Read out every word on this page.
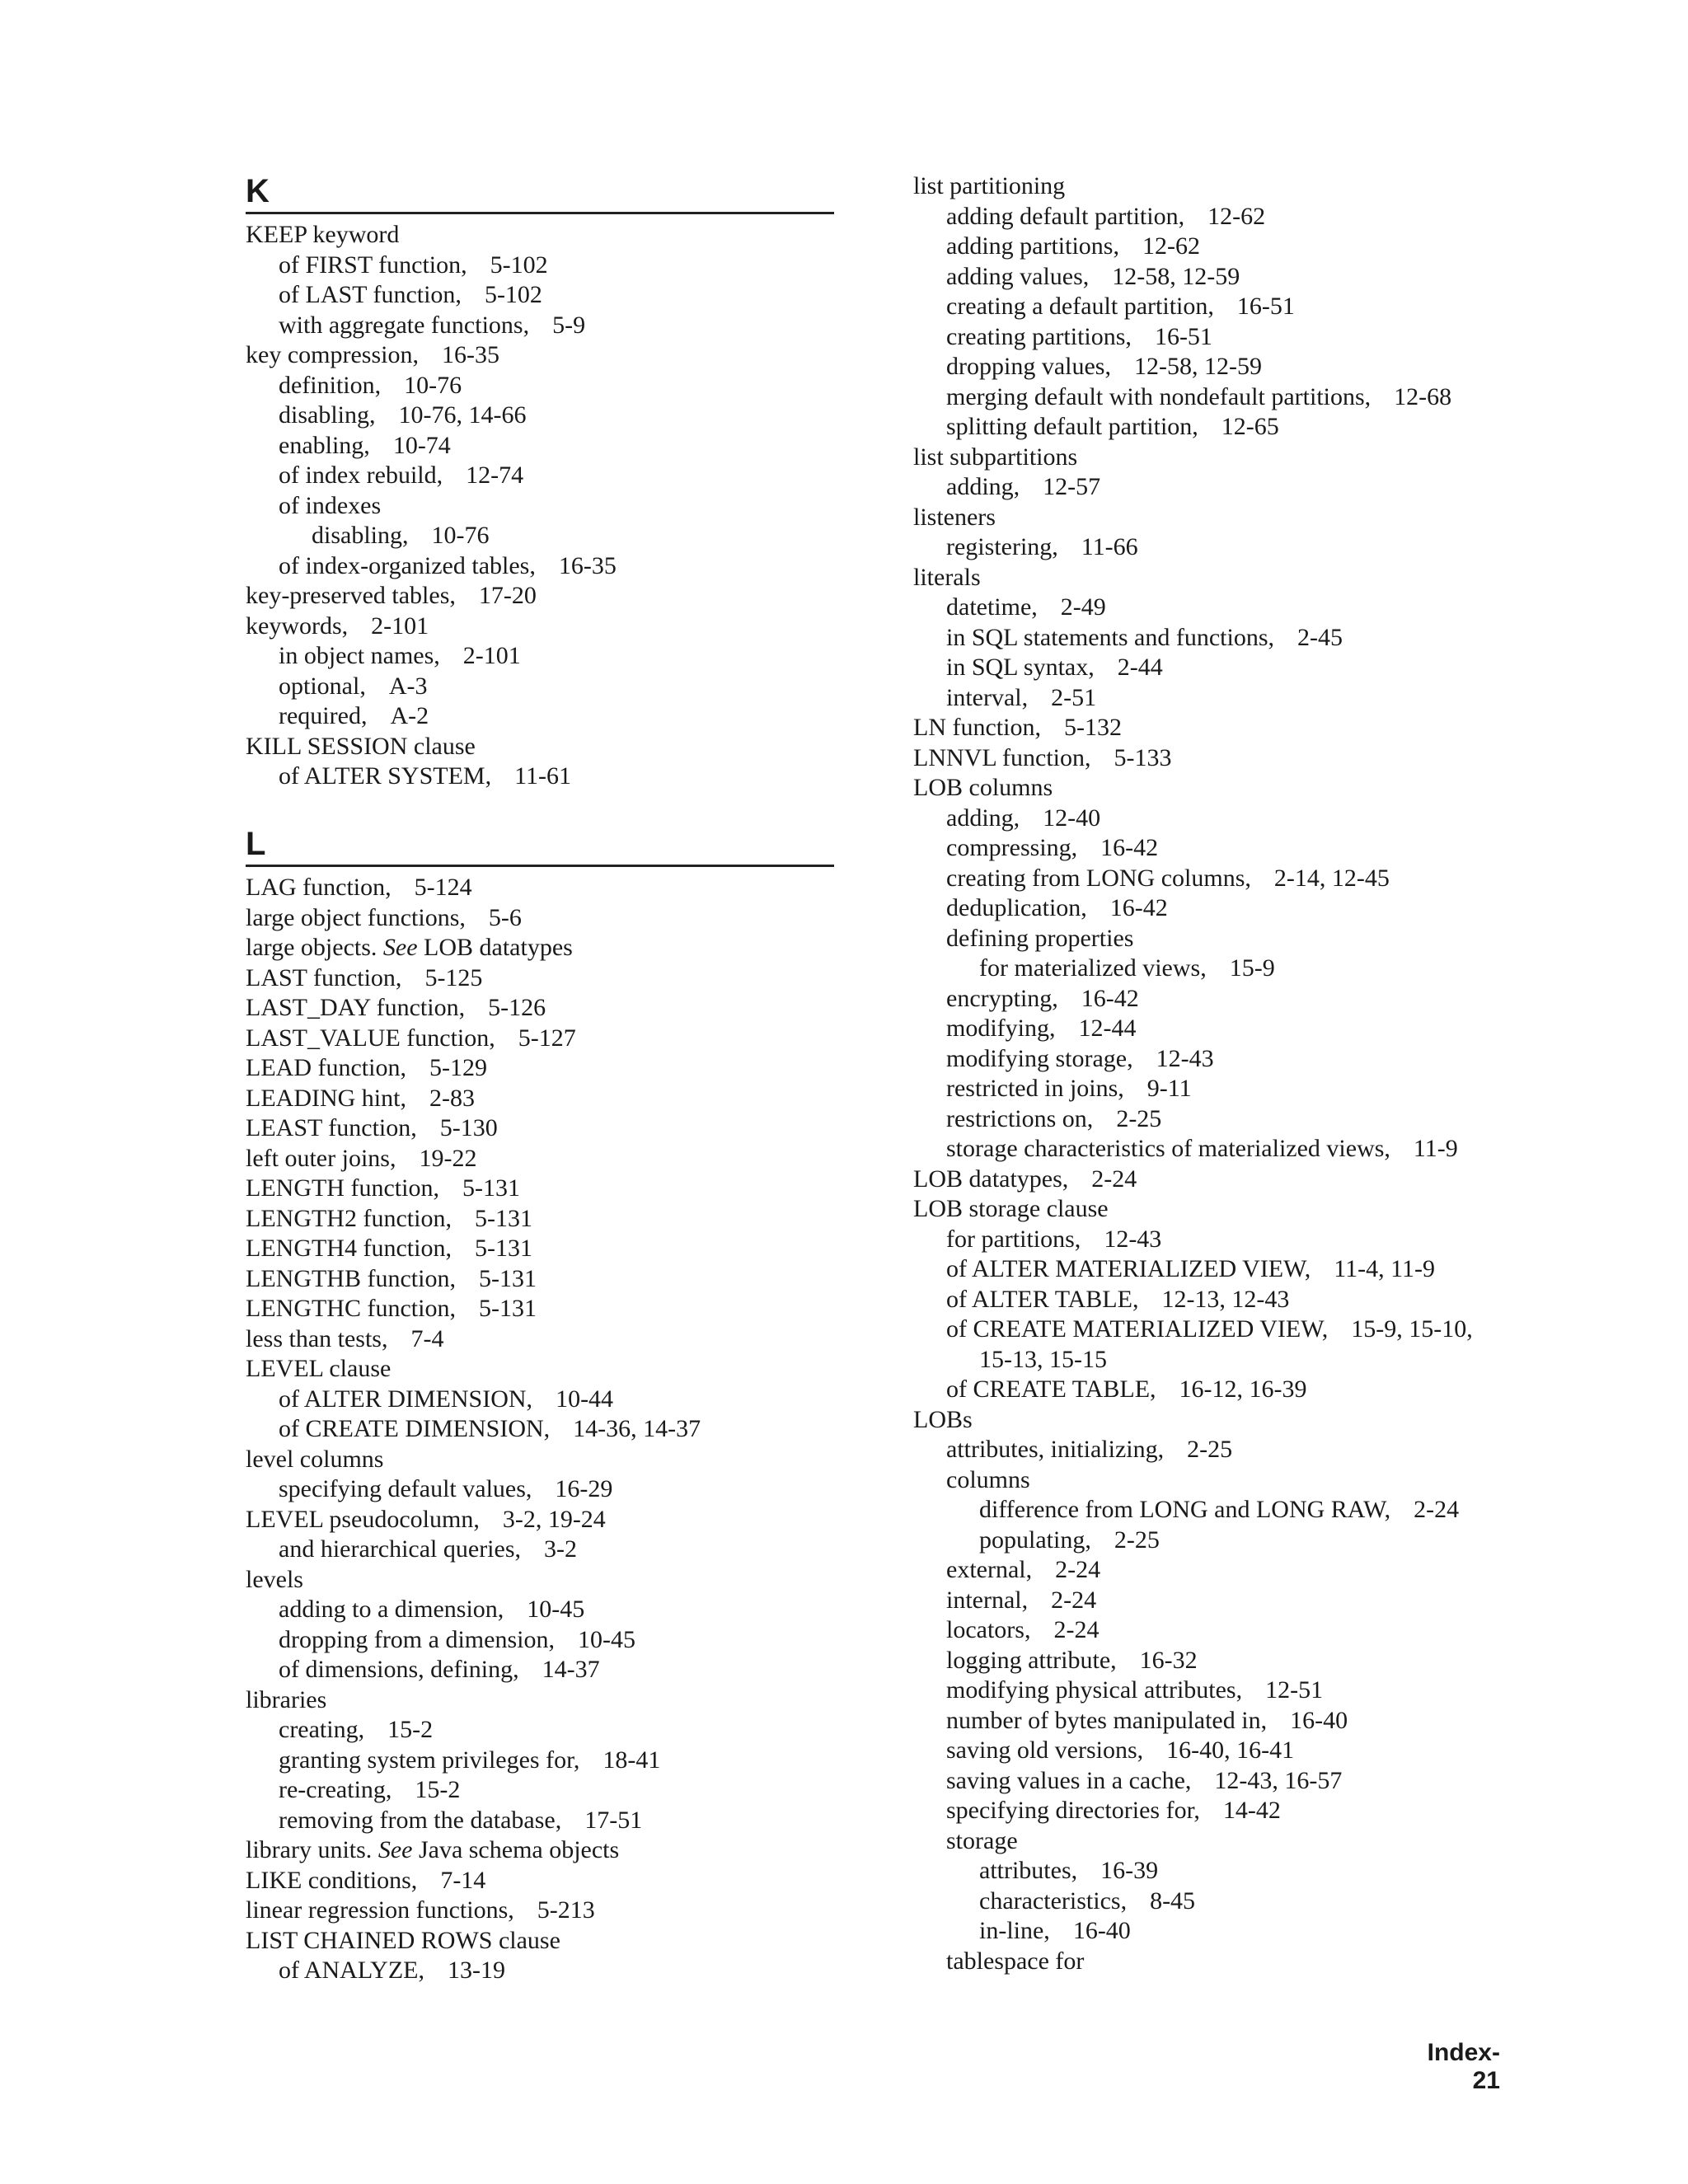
K
KEEP keyword
of FIRST function, 5-102
of LAST function, 5-102
with aggregate functions, 5-9
key compression, 16-35
definition, 10-76
disabling, 10-76, 14-66
enabling, 10-74
of index rebuild, 12-74
of indexes
disabling, 10-76
of index-organized tables, 16-35
key-preserved tables, 17-20
keywords, 2-101
in object names, 2-101
optional, A-3
required, A-2
KILL SESSION clause
of ALTER SYSTEM, 11-61
L
LAG function, 5-124
large object functions, 5-6
large objects. See LOB datatypes
LAST function, 5-125
LAST_DAY function, 5-126
LAST_VALUE function, 5-127
LEAD function, 5-129
LEADING hint, 2-83
LEAST function, 5-130
left outer joins, 19-22
LENGTH function, 5-131
LENGTH2 function, 5-131
LENGTH4 function, 5-131
LENGTHB function, 5-131
LENGTHC function, 5-131
less than tests, 7-4
LEVEL clause
of ALTER DIMENSION, 10-44
of CREATE DIMENSION, 14-36, 14-37
level columns
specifying default values, 16-29
LEVEL pseudocolumn, 3-2, 19-24
and hierarchical queries, 3-2
levels
adding to a dimension, 10-45
dropping from a dimension, 10-45
of dimensions, defining, 14-37
libraries
creating, 15-2
granting system privileges for, 18-41
re-creating, 15-2
removing from the database, 17-51
library units. See Java schema objects
LIKE conditions, 7-14
linear regression functions, 5-213
LIST CHAINED ROWS clause
of ANALYZE, 13-19
list partitioning
adding default partition, 12-62
adding partitions, 12-62
adding values, 12-58, 12-59
creating a default partition, 16-51
creating partitions, 16-51
dropping values, 12-58, 12-59
merging default with nondefault partitions, 12-68
splitting default partition, 12-65
list subpartitions
adding, 12-57
listeners
registering, 11-66
literals
datetime, 2-49
in SQL statements and functions, 2-45
in SQL syntax, 2-44
interval, 2-51
LN function, 5-132
LNNVL function, 5-133
LOB columns
adding, 12-40
compressing, 16-42
creating from LONG columns, 2-14, 12-45
deduplication, 16-42
defining properties
for materialized views, 15-9
encrypting, 16-42
modifying, 12-44
modifying storage, 12-43
restricted in joins, 9-11
restrictions on, 2-25
storage characteristics of materialized views, 11-9
LOB datatypes, 2-24
LOB storage clause
for partitions, 12-43
of ALTER MATERIALIZED VIEW, 11-4, 11-9
of ALTER TABLE, 12-13, 12-43
of CREATE MATERIALIZED VIEW, 15-9, 15-10,
15-13, 15-15
of CREATE TABLE, 16-12, 16-39
LOBs
attributes, initializing, 2-25
columns
difference from LONG and LONG RAW, 2-24
populating, 2-25
external, 2-24
internal, 2-24
locators, 2-24
logging attribute, 16-32
modifying physical attributes, 12-51
number of bytes manipulated in, 16-40
saving old versions, 16-40, 16-41
saving values in a cache, 12-43, 16-57
specifying directories for, 14-42
storage
attributes, 16-39
characteristics, 8-45
in-line, 16-40
tablespace for
Index-21
